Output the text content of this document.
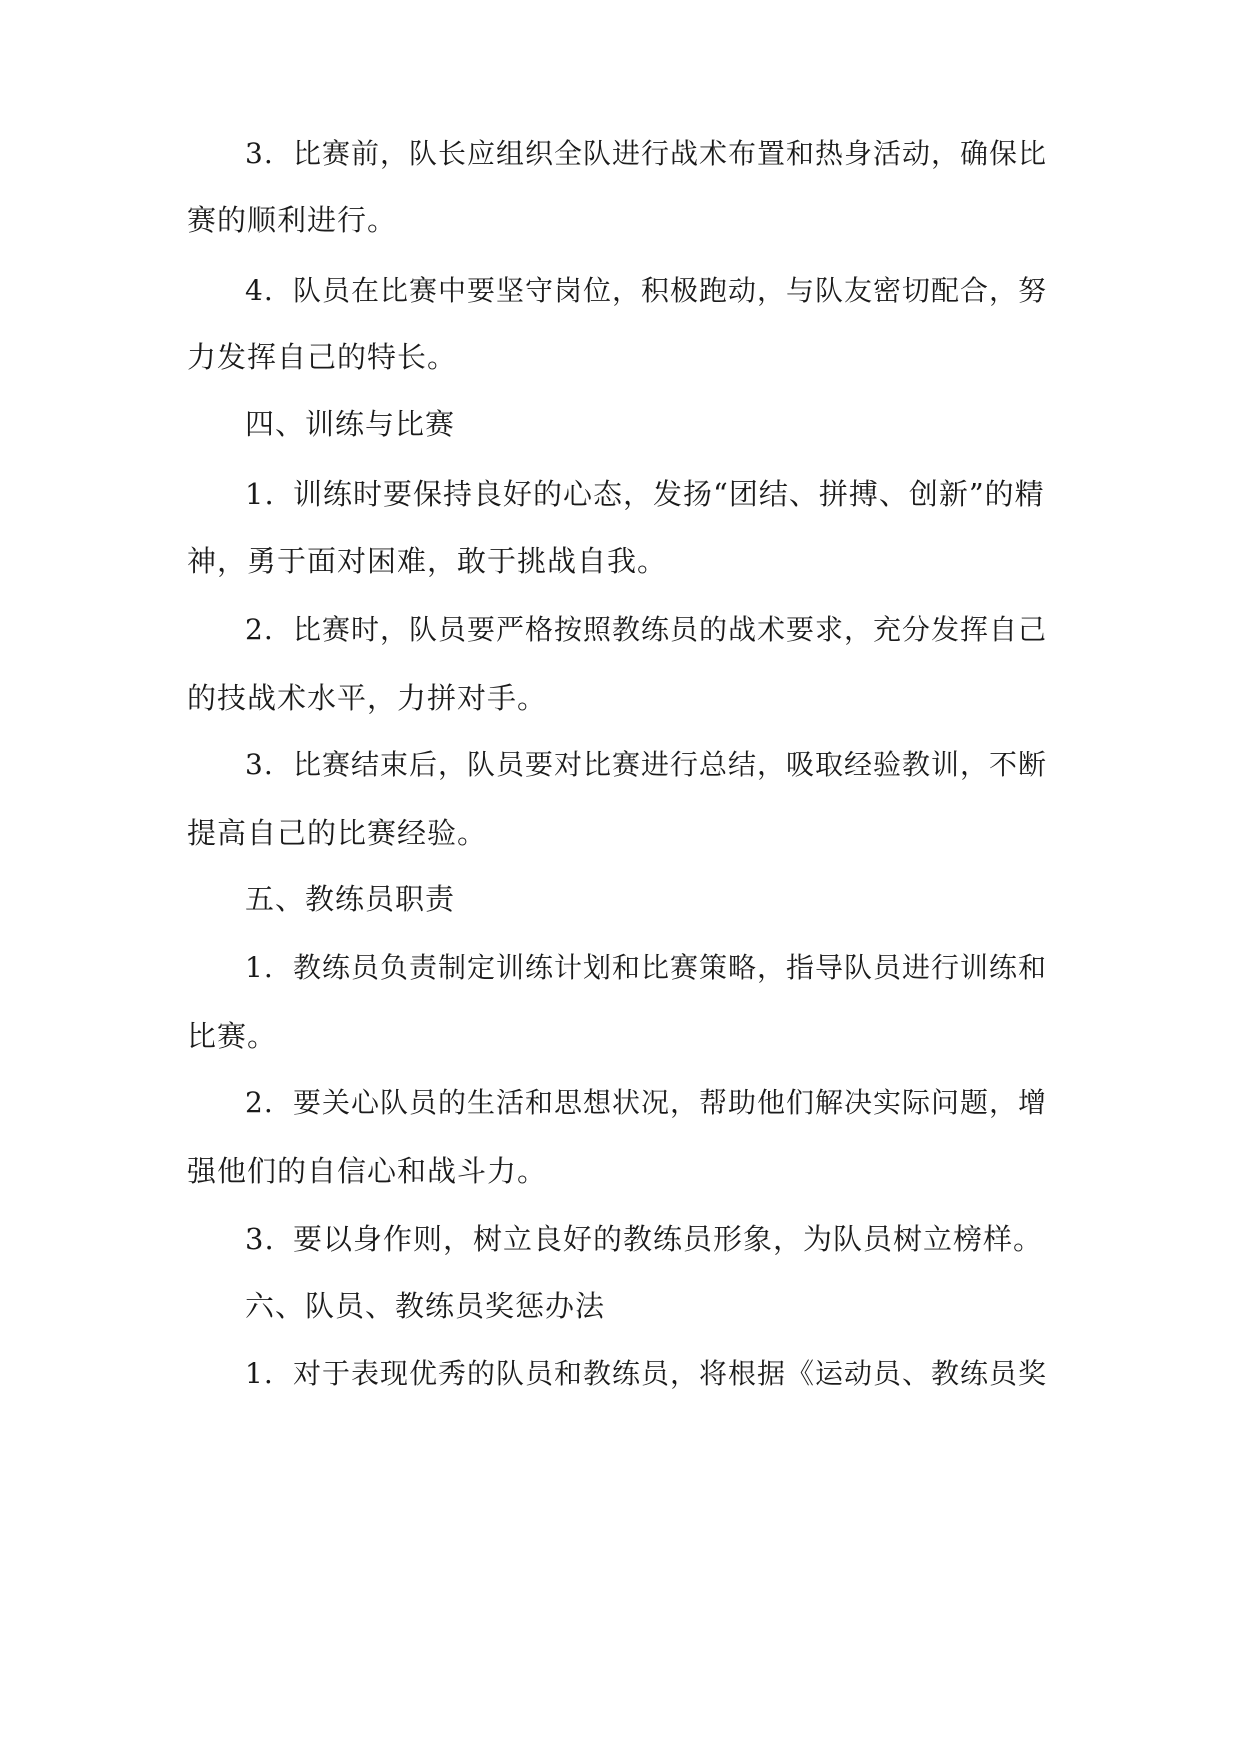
3. 比赛前，队长应组织全队进行战术布置和热身活动，确保比
赛的顺利进行。
4. 队员在比赛中要坚守岗位，积极跑动，与队友密切配合，努
力发挥自己的特长。
四、训练与比赛
1. 训练时要保持良好的心态，发扬“团结、拼搏、创新”的精
神，勇于面对困难，敢于挑战自我。
2. 比赛时，队员要严格按照教练员的战术要求，充分发挥自己
的技战术水平，力拼对手。
3. 比赛结束后，队员要对比赛进行总结，吸取经验教训，不断
提高自己的比赛经验。
五、教练员职责
1. 教练员负责制定训练计划和比赛策略，指导队员进行训练和
比赛。
2. 要关心队员的生活和思想状况，帮助他们解决实际问题，增
强他们的自信心和战斗力。
3. 要以身作则，树立良好的教练员形象，为队员树立榜样。
六、队员、教练员奖惩办法
1. 对于表现优秀的队员和教练员，将根据《运动员、教练员奖
